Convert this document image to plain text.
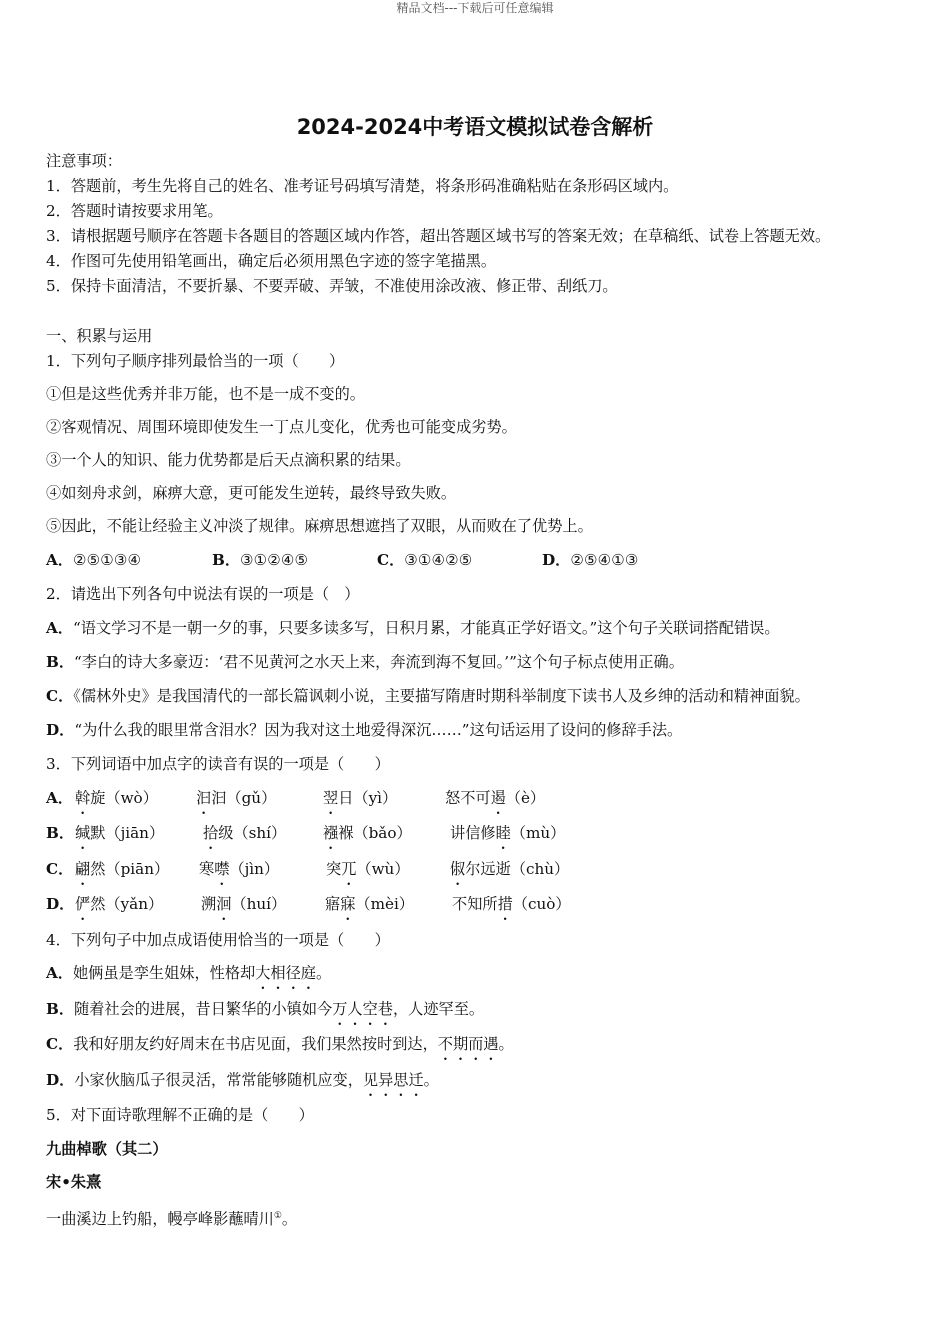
精品文档---下载后可任意编辑
2024-2024中考语文模拟试卷含解析
注意事项：
1．答题前，考生先将自己的姓名、准考证号码填写清楚，将条形码准确粘贴在条形码区域内。
2．答题时请按要求用笔。
3．请根据题号顺序在答题卡各题目的答题区域内作答，超出答题区域书写的答案无效；在草稿纸、试卷上答题无效。
4．作图可先使用铅笔画出，确定后必须用黑色字迹的签字笔描黑。
5．保持卡面清洁，不要折暴、不要弄破、弄皱，不准使用涂改液、修正带、刮纸刀。
一、积累与运用
1．下列句子顺序排列最恰当的一项（　　）
①但是这些优秀并非万能，也不是一成不变的。
②客观情况、周围环境即使发生一丁点儿变化，优秀也可能变成劣势。
③一个人的知识、能力优势都是后天点滴积累的结果。
④如刻舟求剑，麻痹大意，更可能发生逆转，最终导致失败。
⑤因此，不能让经验主义冲淡了规律。麻痹思想遮挡了双眼，从而败在了优势上。
A．②⑤①③④	B．③①②④⑤	C．③①④②⑤	D．②⑤④①③
2．请选出下列各句中说法有误的一项是（　）
A．“语文学习不是一朝一夕的事，只要多读多写，日积月累，才能真正学好语文。”这个句子关联词搭配错误。
B．“李白的诗大多豪迈：‘君不见黄河之水天上来，奔流到海不复回。’”这个句子标点使用正确。
C．《儒林外史》是我国清代的一部长篇讽刺小说，主要描写隋唐时期科举制度下读书人及乡绅的活动和精神面貌。
D．“为什么我的眼里常含泪水？因为我对这土地爱得深沉……”这句话运用了设问的修辞手法。
3．下列词语中加点字的读音有误的一项是（　　）
A． 斡旋（wò）	汩汩（gǔ）	翌日（yì）	怒不可遏（è）
B． 缄默（jiān）	拾级（shí） 襁褓（bǎo）	讲信修睦（mù）
C． 翩然（piān） 寒噤（jìn）	突兀（wù）	俶尔远逝（chù）
D． 俨然（yǎn） 溯洄（huí）	寤寐（mèi）	不知所措（cuò）
4．下列句子中加点成语使用恰当的一项是（　　）
A．她俩虽是孪生姐妹，性格却大相径庭。
B．随着社会的进展，昔日繁华的小镇如今万人空巷，人迹罕至。
C．我和好朋友约好周末在书店见面，我们果然按时到达，不期而遇。
D．小家伙脑瓜子很灵活，常常能够随机应变，见异思迁。
5．对下面诗歌理解不正确的是（　　）
九曲棹歌（其二）
宋•朱熹
一曲溪边上钓船，幔亭峰影蘸晴川①。
